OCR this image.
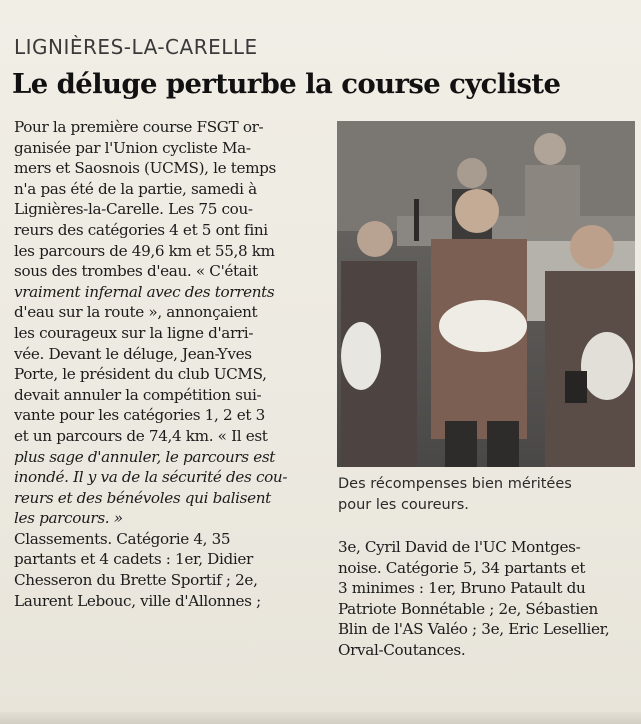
LIGNIÈRES-LA-CARELLE
Le déluge perturbe la course cycliste
Pour la première course FSGT or-
ganisée par l'Union cycliste Ma-
mers et Saosnois (UCMS), le temps
n'a pas été de la partie, samedi à
Lignières-la-Carelle. Les 75 cou-
reurs des catégories 4 et 5 ont fini
les parcours de 49,6 km et 55,8 km
sous des trombes d'eau. « C'était
vraiment infernal avec des torrents
d'eau sur la route », annonçaient
les courageux sur la ligne d'arri-
vée. Devant le déluge, Jean-Yves
Porte, le président du club UCMS,
devait annuler la compétition sui-
vante pour les catégories 1, 2 et 3
et un parcours de 74,4 km. « Il est
plus sage d'annuler, le parcours est
inondé. Il y va de la sécurité des cou-
reurs et des bénévoles qui balisent
les parcours. »
Classements. Catégorie 4, 35
partants et 4 cadets : 1er, Didier
Chesseron du Brette Sportif ; 2e,
Laurent Lebouc, ville d'Allonnes ;
Des récompenses bien méritées
pour les coureurs.
3e, Cyril David de l'UC Montges-
noise. Catégorie 5, 34 partants et
3 minimes : 1er, Bruno Patault du
Patriote Bonnétable ; 2e, Sébastien
Blin de l'AS Valéo ; 3e, Eric Lesellier,
Orval-Coutances.
